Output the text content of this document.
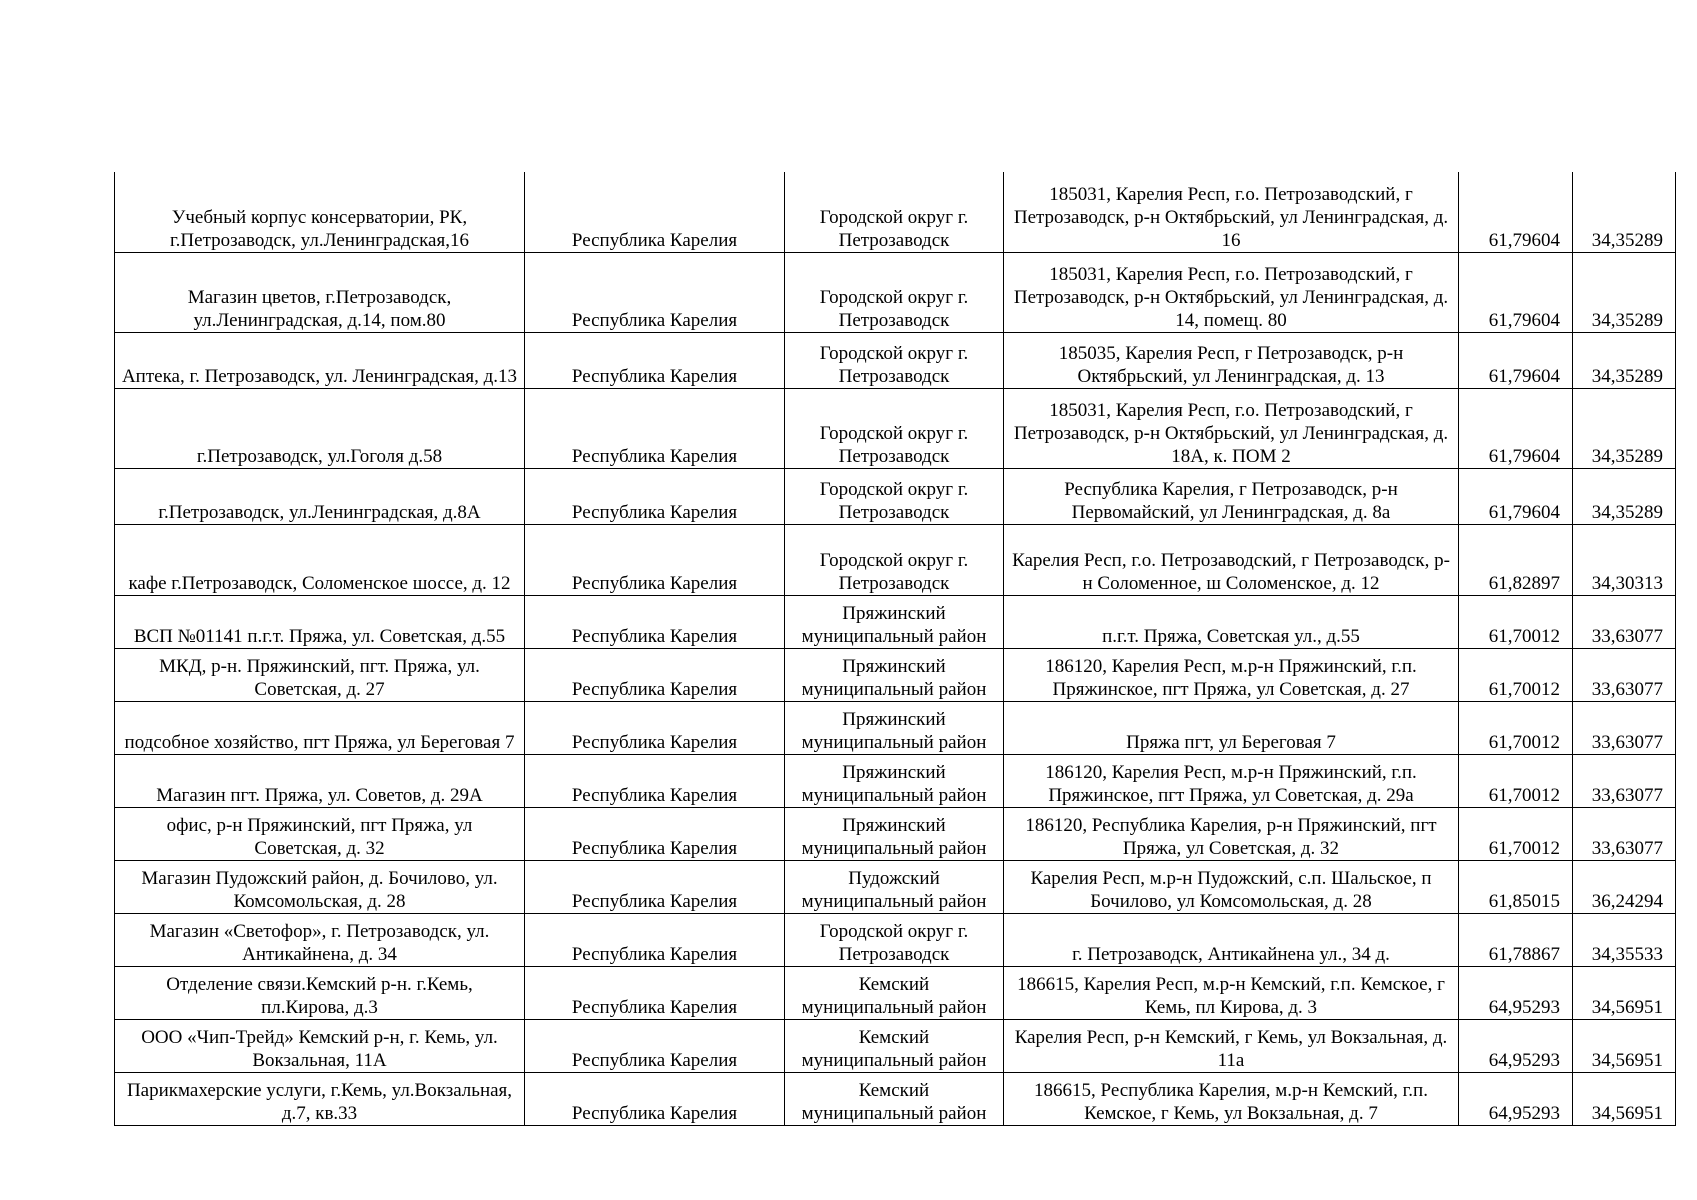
Учебный корпус консерватории, РК, г.Петрозаводск, ул.Ленинградская,16	Республика Карелия	Городской округ г. Петрозаводск	185031, Карелия Респ, г.о. Петрозаводский, г Петрозаводск, р-н Октябрьский, ул Ленинградская, д. 16	61,79604	34,35289
Магазин цветов, г.Петрозаводск, ул.Ленинградская, д.14, пом.80	Республика Карелия	Городской округ г. Петрозаводск	185031, Карелия Респ, г.о. Петрозаводский, г Петрозаводск, р-н Октябрьский, ул Ленинградская, д. 14, помещ. 80	61,79604	34,35289
Аптека, г. Петрозаводск, ул. Ленинградская, д.13	Республика Карелия	Городской округ г. Петрозаводск	185035, Карелия Респ, г Петрозаводск, р-н Октябрьский, ул Ленинградская, д. 13	61,79604	34,35289
г.Петрозаводск, ул.Гоголя д.58	Республика Карелия	Городской округ г. Петрозаводск	185031, Карелия Респ, г.о. Петрозаводский, г Петрозаводск, р-н Октябрьский, ул Ленинградская, д. 18А, к. ПОМ 2	61,79604	34,35289
г.Петрозаводск, ул.Ленинградская, д.8А	Республика Карелия	Городской округ г. Петрозаводск	Республика Карелия, г Петрозаводск, р-н Первомайский, ул Ленинградская, д. 8а	61,79604	34,35289
кафе г.Петрозаводск, Соломенское шоссе, д. 12	Республика Карелия	Городской округ г. Петрозаводск	Карелия Респ, г.о. Петрозаводский, г Петрозаводск, р-н Соломенное, ш Соломенское, д. 12	61,82897	34,30313
ВСП №01141 п.г.т. Пряжа, ул. Советская, д.55	Республика Карелия	Пряжинский муниципальный район	п.г.т. Пряжа, Советская ул., д.55	61,70012	33,63077
МКД, р-н. Пряжинский, пгт. Пряжа, ул. Советская, д. 27	Республика Карелия	Пряжинский муниципальный район	186120, Карелия Респ, м.р-н Пряжинский, г.п. Пряжинское, пгт Пряжа, ул Советская, д. 27	61,70012	33,63077
подсобное хозяйство, пгт Пряжа, ул Береговая 7	Республика Карелия	Пряжинский муниципальный район	Пряжа пгт, ул Береговая 7	61,70012	33,63077
Магазин пгт. Пряжа, ул. Советов, д. 29А	Республика Карелия	Пряжинский муниципальный район	186120, Карелия Респ, м.р-н Пряжинский, г.п. Пряжинское, пгт Пряжа, ул Советская, д. 29а	61,70012	33,63077
офис, р-н Пряжинский, пгт Пряжа, ул Советская, д. 32	Республика Карелия	Пряжинский муниципальный район	186120, Республика Карелия, р-н Пряжинский, пгт Пряжа, ул Советская, д. 32	61,70012	33,63077
Магазин Пудожский район, д. Бочилово, ул. Комсомольская, д. 28	Республика Карелия	Пудожский муниципальный район	Карелия Респ, м.р-н Пудожский, с.п. Шальское, п Бочилово, ул Комсомольская, д. 28	61,85015	36,24294
Магазин «Светофор», г. Петрозаводск, ул. Антикайнена, д. 34	Республика Карелия	Городской округ г. Петрозаводск	г. Петрозаводск, Антикайнена ул., 34 д.	61,78867	34,35533
Отделение связи.Кемский р-н. г.Кемь, пл.Кирова, д.3	Республика Карелия	Кемский муниципальный район	186615, Карелия Респ, м.р-н Кемский, г.п. Кемское, г Кемь, пл Кирова, д. 3	64,95293	34,56951
ООО «Чип-Трейд» Кемский р-н, г. Кемь, ул. Вокзальная, 11А	Республика Карелия	Кемский муниципальный район	Карелия Респ, р-н Кемский, г Кемь, ул Вокзальная, д. 11а	64,95293	34,56951
Парикмахерские услуги, г.Кемь, ул.Вокзальная, д.7, кв.33	Республика Карелия	Кемский муниципальный район	186615, Республика Карелия, м.р-н Кемский, г.п. Кемское, г Кемь, ул Вокзальная, д. 7	64,95293	34,56951
